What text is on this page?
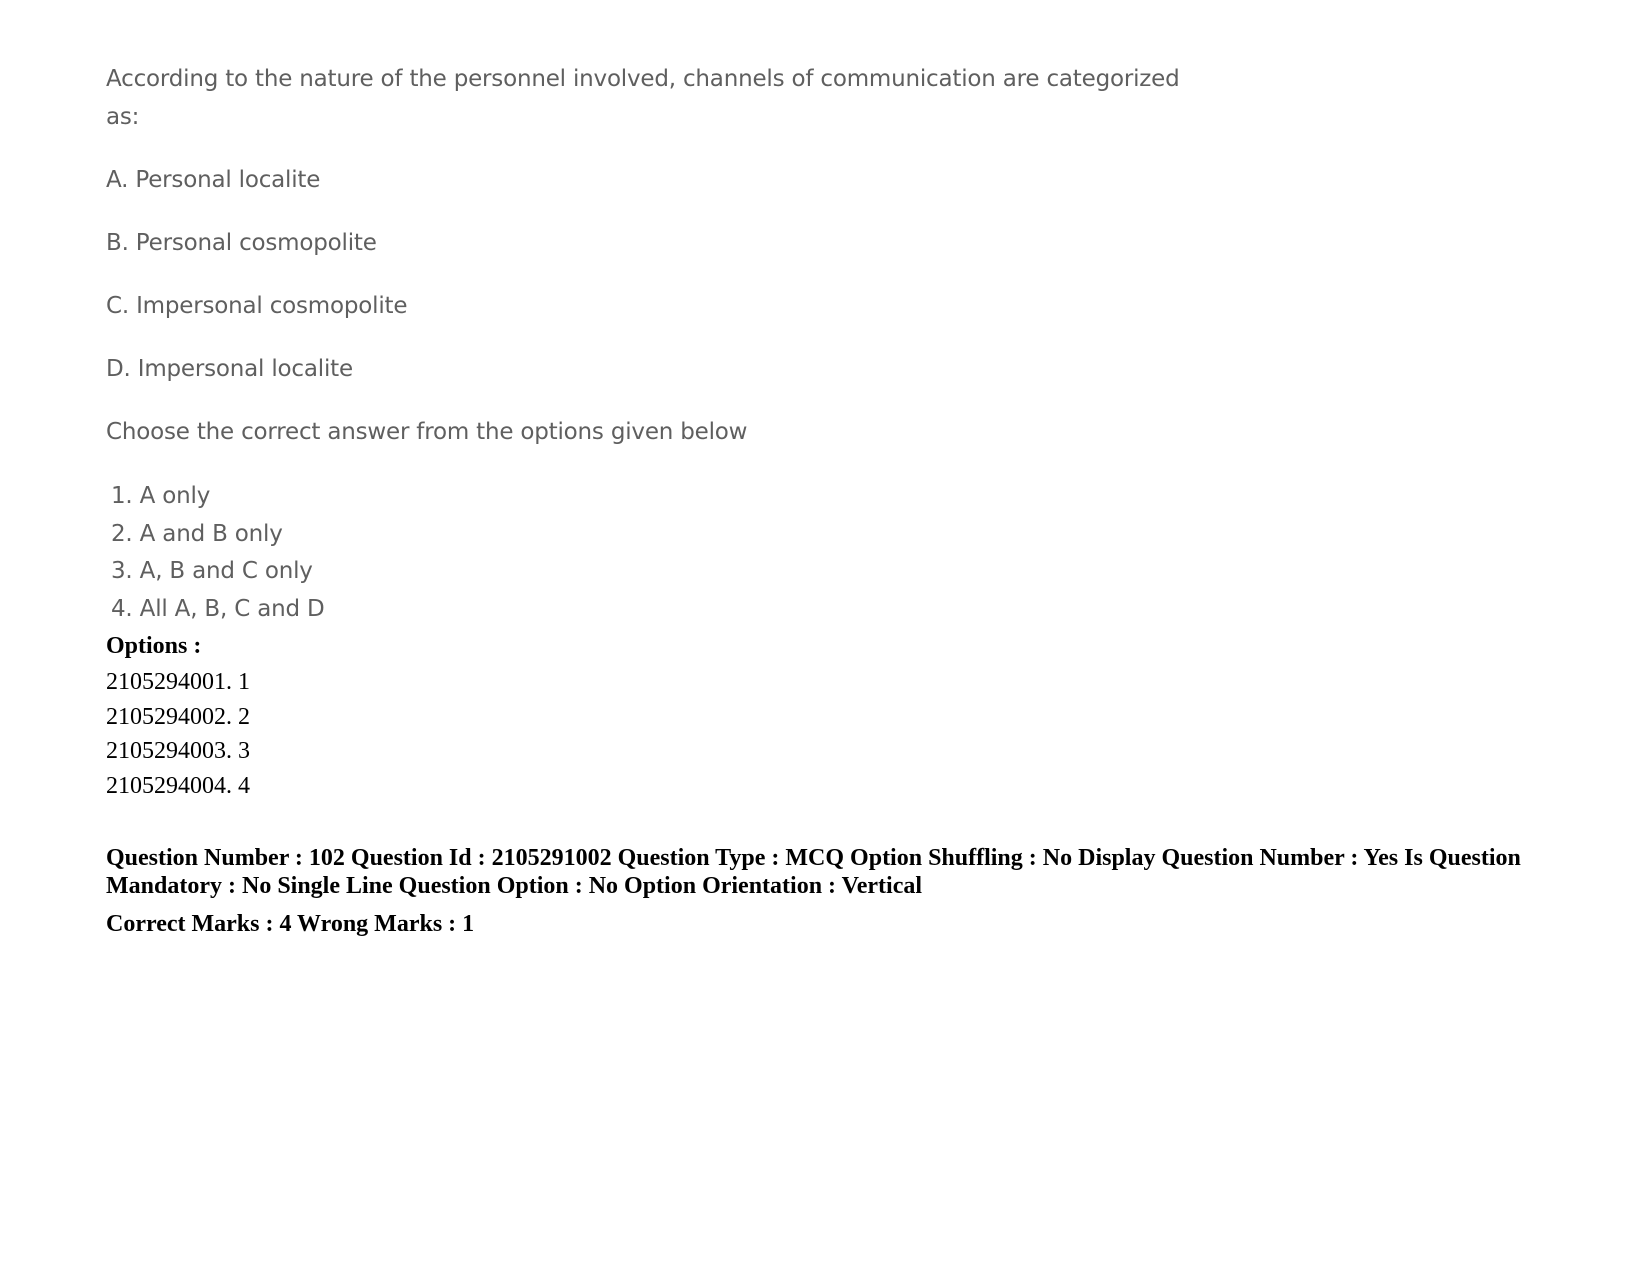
According to the nature of the personnel involved, channels of communication are categorized
as:
A. Personal localite
B. Personal cosmopolite
C. Impersonal cosmopolite
D. Impersonal localite
Choose the correct answer from the options given below
1. A only
2. A and B only
3. A, B and C only
4. All A, B, C and D
Options :
2105294001. 1
2105294002. 2
2105294003. 3
2105294004. 4
Question Number : 102 Question Id : 2105291002 Question Type : MCQ Option Shuffling : No Display Question Number : Yes Is Question Mandatory : No Single Line Question Option : No Option Orientation : Vertical
Correct Marks : 4 Wrong Marks : 1
